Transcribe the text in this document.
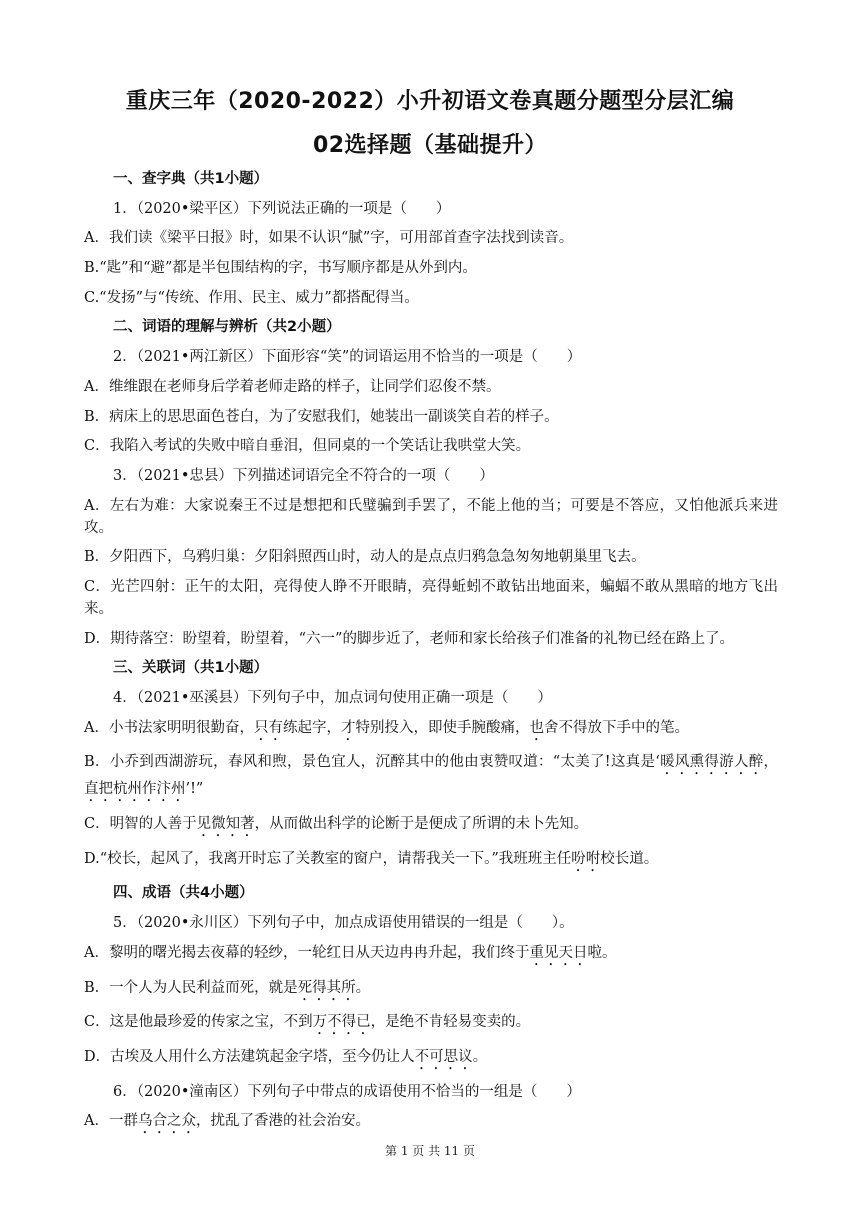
重庆三年（2020-2022）小升初语文卷真题分题型分层汇编
02选择题（基础提升）
一、查字典（共1小题）
1．（2020•梁平区）下列说法正确的一项是（　　）
A．我们读《梁平日报》时，如果不认识“腻”字，可用部首查字法找到读音。
B.“匙”和“避”都是半包围结构的字，书写顺序都是从外到内。
C.“发扬”与“传统、作用、民主、威力”都搭配得当。
二、词语的理解与辨析（共2小题）
2．（2021•两江新区）下面形容“笑”的词语运用不恰当的一项是（　　）
A．维维跟在老师身后学着老师走路的样子，让同学们忍俊不禁。
B．病床上的思思面色苍白，为了安慰我们，她装出一副谈笑自若的样子。
C．我陷入考试的失败中暗自垂泪，但同桌的一个笑话让我哄堂大笑。
3．（2021•忠县）下列描述词语完全不符合的一项（　　）
A．左右为难：大家说秦王不过是想把和氏璧骗到手罢了，不能上他的当；可要是不答应，又怕他派兵来进攻。
B．夕阳西下，乌鸦归巢：夕阳斜照西山时，动人的是点点归鸦急急匆匆地朝巢里飞去。
C．光芒四射：正午的太阳，亮得使人睁不开眼睛，亮得蚯蚓不敢钻出地面来，蝙蝠不敢从黑暗的地方飞出来。
D．期待落空：盼望着，盼望着，“六一”的脚步近了，老师和家长给孩子们准备的礼物已经在路上了。
三、关联词（共1小题）
4．（2021•巫溪县）下列句子中，加点词句使用正确一项是（　　）
A．小书法家明明很勤奋，只有练起字，才特别投入，即使手腕酸痛，也舍不得放下手中的笔。
B．小乔到西湖游玩，春风和煦，景色宜人，沉醉其中的他由衷赞叹道：“太美了!这真是‘暖风熏得游人醉，直把杭州作汴州’!”
C．明智的人善于见微知著，从而做出科学的论断于是便成了所谓的未卜先知。
D.“校长，起风了，我离开时忘了关教室的窗户，请帮我关一下。”我班班主任吩咐校长道。
四、成语（共4小题）
5．（2020•永川区）下列句子中，加点成语使用错误的一组是（　　）。
A．黎明的曙光揭去夜幕的轻纱，一轮红日从天边冉冉升起，我们终于重见天日啦。
B．一个人为人民利益而死，就是死得其所。
C．这是他最珍爱的传家之宝，不到万不得已，是绝不肯轻易变卖的。
D．古埃及人用什么方法建筑起金字塔，至今仍让人不可思议。
6．（2020•潼南区）下列句子中带点的成语使用不恰当的一组是（　　）
A．一群乌合之众，扰乱了香港的社会治安。
第 1 页 共 11 页
